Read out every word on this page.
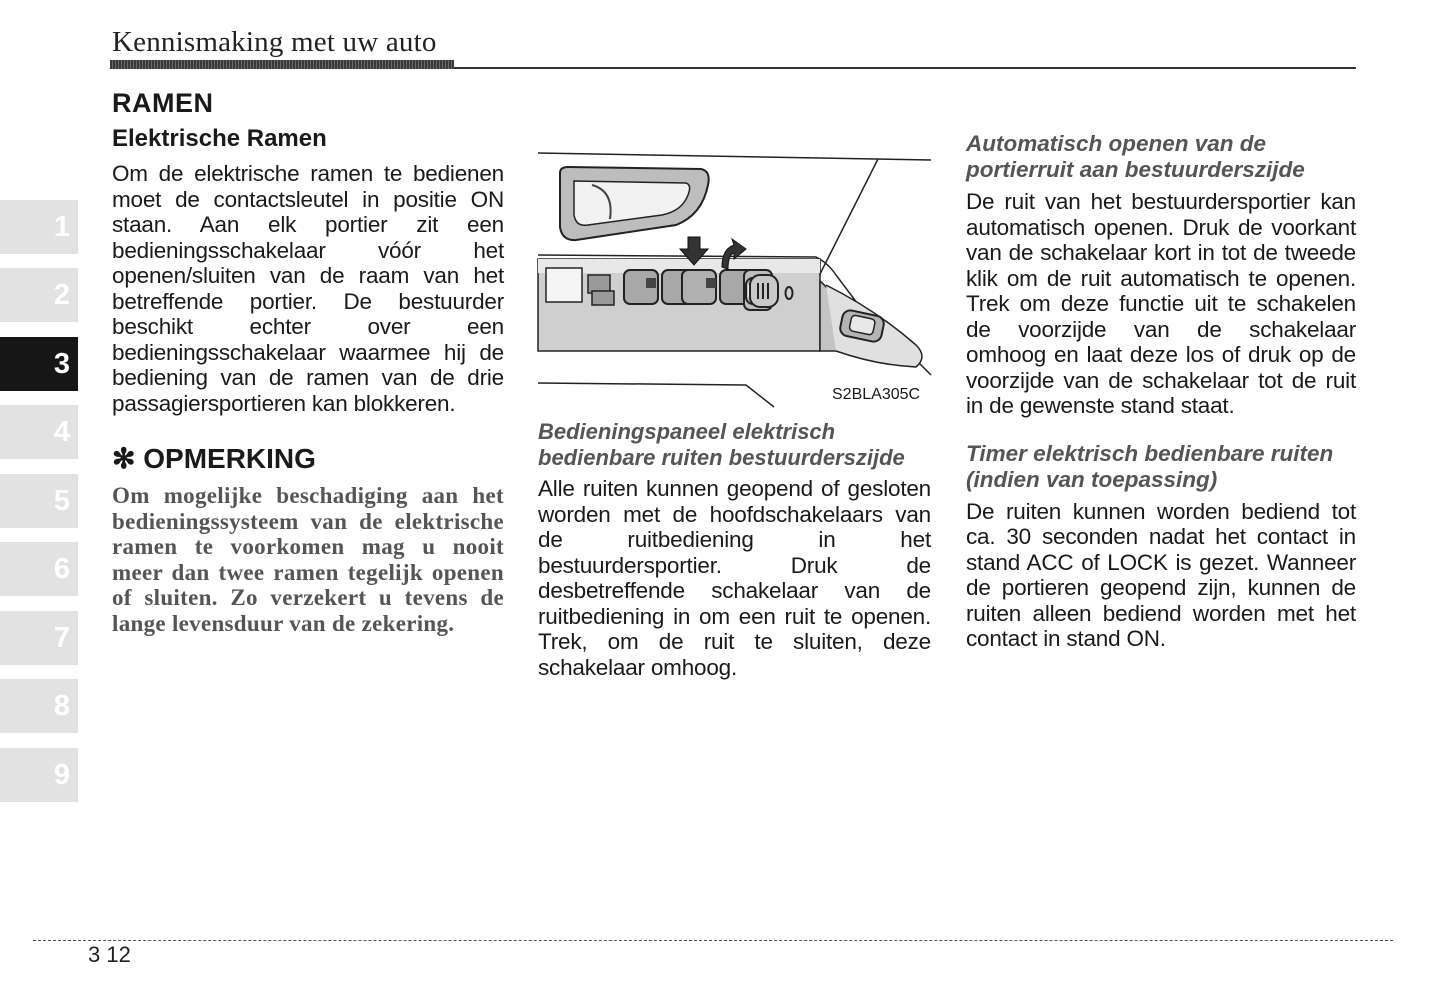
Kennismaking met uw auto
1
2
3
4
5
6
7
8
9
RAMEN
Elektrische Ramen
Om de elektrische ramen te bedienen moet de contactsleutel in positie ON staan. Aan elk portier zit een bedieningsschakelaar vóór het openen/sluiten van de raam van het betreffende portier. De bestuurder beschikt echter over een bedieningsschakelaar waarmee hij de bediening van de ramen van de drie passagiersportieren kan blokkeren.
✻ OPMERKING
Om mogelijke beschadiging aan het bedieningssysteem van de elektrische ramen te voorkomen mag u nooit meer dan twee ramen tegelijk openen of sluiten. Zo verzekert u tevens de lange levensduur van de zekering.
S2BLA305C
Bedieningspaneel elektrisch bedienbare ruiten bestuurderszijde
Alle ruiten kunnen geopend of gesloten worden met de hoofdschakelaars van de ruitbediening in het bestuurdersportier. Druk de desbetreffende schakelaar van de ruitbediening in om een ruit te openen. Trek, om de ruit te sluiten, deze schakelaar omhoog.
Automatisch openen van de portierruit aan bestuurderszijde
De ruit van het bestuurdersportier kan automatisch openen. Druk de voorkant van de schakelaar kort in tot de tweede klik om de ruit automatisch te openen. Trek om deze functie uit te schakelen de voorzijde van de schakelaar omhoog en laat deze los of druk op de voorzijde van de schakelaar tot de ruit in de gewenste stand staat.
Timer elektrisch bedienbare ruiten (indien van toepassing)
De ruiten kunnen worden bediend tot ca. 30 seconden nadat het contact in stand ACC of LOCK is gezet. Wanneer de portieren geopend zijn, kunnen de ruiten alleen bediend worden met het contact in stand ON.
3 12
